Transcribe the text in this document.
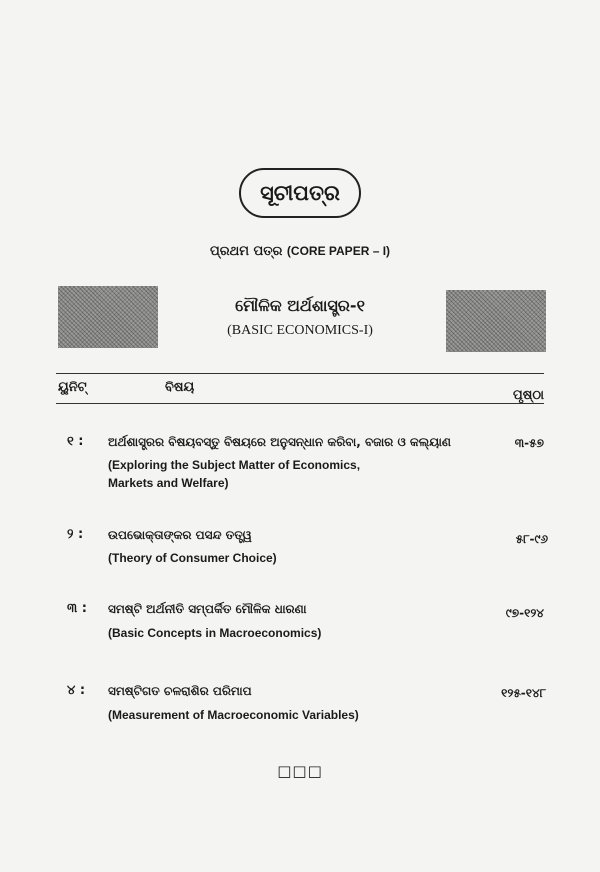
ସୂଚୀପତ୍ର
ପ୍ରଥମ ପତ୍ର (CORE PAPER – I)
ମୌଳିକ ଅର୍ଥଶାସ୍ତ୍ର-୧
(BASIC ECONOMICS-I)
ୟୁନିଟ୍	ବିଷୟ
ପୃଷ୍ଠା
୧ : ଅର୍ଥଶାସ୍ତ୍ରର ବିଷୟବସ୍ତୁ ବିଷୟରେ ଅନୁସନ୍ଧାନ କରିବା, ବଜାର ଓ କଲ୍ୟାଣ
(Exploring the Subject Matter of Economics,
Markets and Welfare)
୩-୫୭
୨ : ଉପଭୋକ୍ତାଙ୍କର ପସନ୍ଦ ତତ୍ତ୍ୱ
(Theory of Consumer Choice)
୫୮-୯୬
୩ : ସମଷ୍ଟି ଅର୍ଥନୀତି ସମ୍ପର୍କିତ ମୌଳିକ ଧାରଣା
(Basic Concepts in Macroeconomics)
୯୭-୧୨୪
୪ : ସମଷ୍ଟିଗତ ଚଳରାଶିର ପରିମାପ
(Measurement of Macroeconomic Variables)
୧୨୫-୧୪୮
□□□
